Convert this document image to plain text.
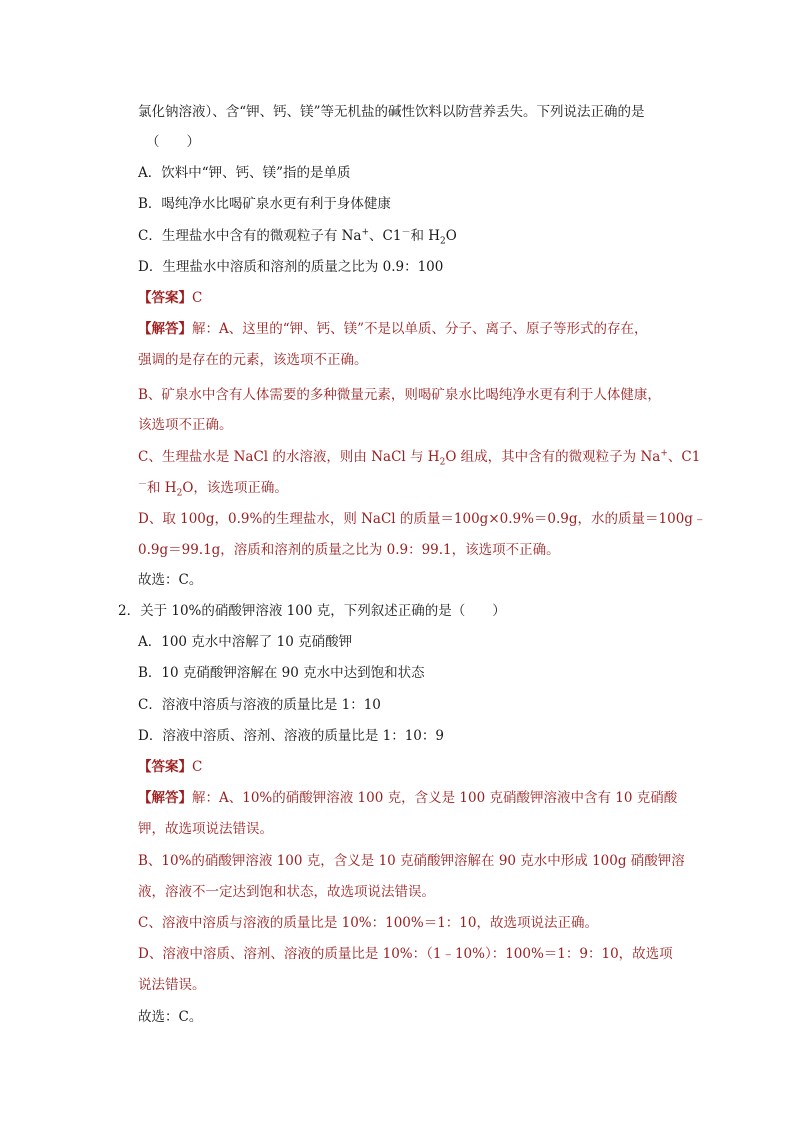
氯化钠溶液）、含“钾、钙、镁”等无机盐的碱性饮料以防营养丢失。下列说法正确的是
（　　）
A．饮料中“钾、钙、镁”指的是单质
B．喝纯净水比喝矿泉水更有利于身体健康
C．生理盐水中含有的微观粒子有 Na+、C1－和 $H_2O$
D．生理盐水中溶质和溶剂的质量之比为 0.9：100
【答案】C
【解答】解：A、这里的“钾、钙、镁”不是以单质、分子、离子、原子等形式的存在，
强调的是存在的元素，该选项不正确。
B、矿泉水中含有人体需要的多种微量元素，则喝矿泉水比喝纯净水更有利于人体健康，
该选项不正确。
C、生理盐水是 NaCl 的水溶液，则由 NaCl 与 $H_2O$ 组成，其中含有的微观粒子为 Na+、C1
－和 $H_2O$，该选项正确。
D、取 100g，0.9%的生理盐水，则 NaCl 的质量＝100g×0.9%＝0.9g，水的质量＝100g﹣
0.9g＝99.1g，溶质和溶剂的质量之比为 0.9：99.1，该选项不正确。
故选：C。
2．关于 10%的硝酸钾溶液 100 克，下列叙述正确的是（　　）
A．100 克水中溶解了 10 克硝酸钾
B．10 克硝酸钾溶解在 90 克水中达到饱和状态
C．溶液中溶质与溶液的质量比是 1：10
D．溶液中溶质、溶剂、溶液的质量比是 1：10：9
【答案】C
【解答】解：A、10%的硝酸钾溶液 100 克，含义是 100 克硝酸钾溶液中含有 10 克硝酸
钾，故选项说法错误。
B、10%的硝酸钾溶液 100 克，含义是 10 克硝酸钾溶解在 90 克水中形成 100g 硝酸钾溶
液，溶液不一定达到饱和状态，故选项说法错误。
C、溶液中溶质与溶液的质量比是 10%：100%＝1：10，故选项说法正确。
D、溶液中溶质、溶剂、溶液的质量比是 10%：（1﹣10%）：100%＝1：9：10，故选项
说法错误。
故选：C。
